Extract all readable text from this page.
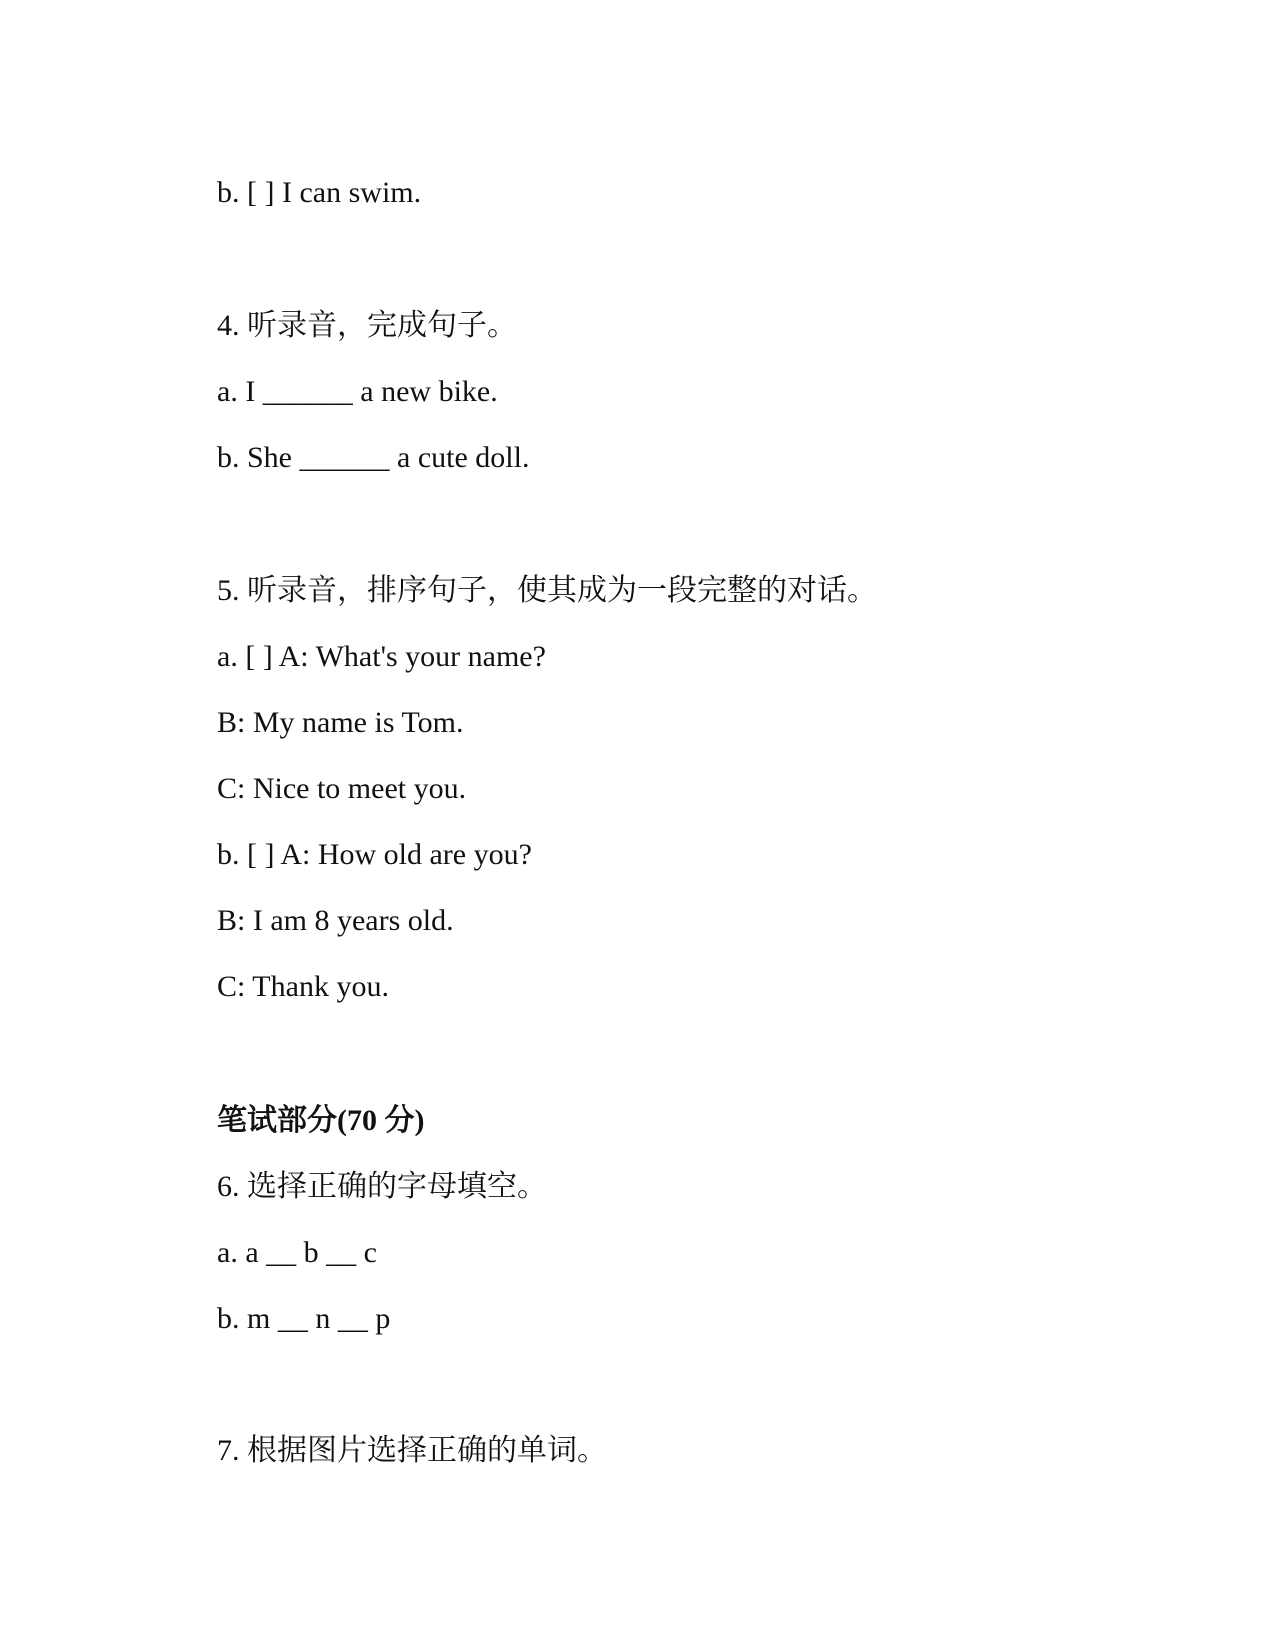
b. [ ] I can swim.

4. 听录音，完成句子。

a. I ______ a new bike.

b. She ______ a cute doll.

5. 听录音，排序句子，使其成为一段完整的对话。

a. [ ] A: What's your name?

B: My name is Tom.

C: Nice to meet you.

b. [ ] A: How old are you?

B: I am 8 years old.

C: Thank you.

笔试部分(70 分)

6. 选择正确的字母填空。

a. a __ b __ c

b. m __ n __ p

7. 根据图片选择正确的单词。
